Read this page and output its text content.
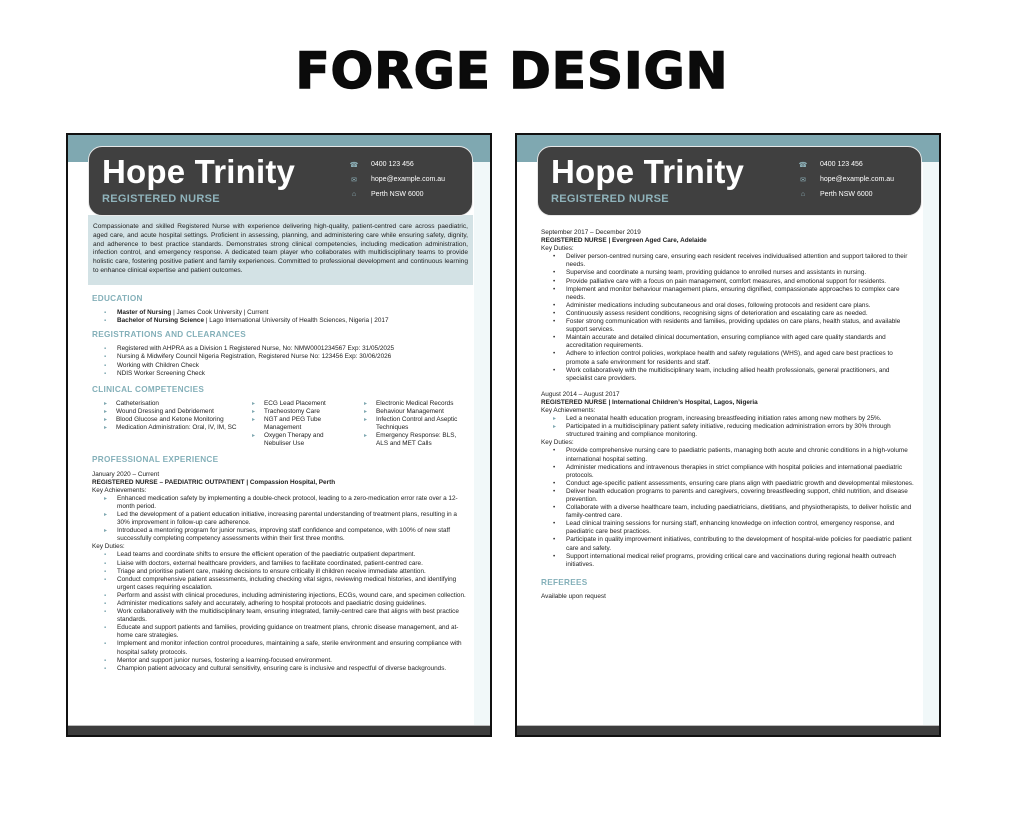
FORGE DESIGN
Hope Trinity
REGISTERED NURSE
☎	0400 123 456
✉	hope@example.com.au
⌂	Perth NSW 6000
Compassionate and skilled Registered Nurse with experience delivering high-quality, patient-centred care across paediatric, aged care, and acute hospital settings. Proficient in assessing, planning, and administering care while ensuring safety, dignity, and adherence to best practice standards. Demonstrates strong clinical competencies, including medication administration, infection control, and emergency response. A dedicated team player who collaborates with multidisciplinary teams to provide holistic care, fostering positive patient and family experiences. Committed to professional development and continuous learning to enhance clinical expertise and patient outcomes.
EDUCATION
▪ Master of Nursing | James Cook University | Current
▪ Bachelor of Nursing Science | Lago International University of Health Sciences, Nigeria | 2017
REGISTRATIONS AND CLEARANCES
▪ Registered with AHPRA as a Division 1 Registered Nurse, No: NMW0001234567 Exp: 31/05/2025
▪ Nursing & Midwifery Council Nigeria Registration, Registered Nurse No: 123456 Exp: 30/06/2026
▪ Working with Children Check
▪ NDIS Worker Screening Check
CLINICAL COMPETENCIES
▸ Catheterisation
▸ Wound Dressing and Debridement
▸ Blood Glucose and Ketone Monitoring
▸ Medication Administration: Oral, IV, IM, SC
▸ ECG Lead Placement
▸ Tracheostomy Care
▸ NGT and PEG Tube Management
▸ Oxygen Therapy and Nebuliser Use
▸ Electronic Medical Records
▸ Behaviour Management
▸ Infection Control and Aseptic Techniques
▸ Emergency Response: BLS, ALS and MET Calls
PROFESSIONAL EXPERIENCE
January 2020 – Current
REGISTERED NURSE – PAEDIATRIC OUTPATIENT | Compassion Hospital, Perth
Key Achievements:
▸ Enhanced medication safety by implementing a double-check protocol, leading to a zero-medication error rate over a 12-month period.
▸ Led the development of a patient education initiative, increasing parental understanding of treatment plans, resulting in a 30% improvement in follow-up care adherence.
▸ Introduced a mentoring program for junior nurses, improving staff confidence and competence, with 100% of new staff successfully completing competency assessments within their first three months.
Key Duties:
▪ Lead teams and coordinate shifts to ensure the efficient operation of the paediatric outpatient department.
▪ Liaise with doctors, external healthcare providers, and families to facilitate coordinated, patient-centred care.
▪ Triage and prioritise patient care, making decisions to ensure critically ill children receive immediate attention.
▪ Conduct comprehensive patient assessments, including checking vital signs, reviewing medical histories, and identifying urgent cases requiring escalation.
▪ Perform and assist with clinical procedures, including administering injections, ECGs, wound care, and specimen collection.
▪ Administer medications safely and accurately, adhering to hospital protocols and paediatric dosing guidelines.
▪ Work collaboratively with the multidisciplinary team, ensuring integrated, family-centred care that aligns with best practice standards.
▪ Educate and support patients and families, providing guidance on treatment plans, chronic disease management, and at-home care strategies.
▪ Implement and monitor infection control procedures, maintaining a safe, sterile environment and ensuring compliance with hospital safety protocols.
▪ Mentor and support junior nurses, fostering a learning-focused environment.
▪ Champion patient advocacy and cultural sensitivity, ensuring care is inclusive and respectful of diverse backgrounds.
Hope Trinity
REGISTERED NURSE
☎	0400 123 456
✉	hope@example.com.au
⌂	Perth NSW 6000
September 2017 – December 2019
REGISTERED NURSE | Evergreen Aged Care, Adelaide
Key Duties:
• Deliver person-centred nursing care, ensuring each resident receives individualised attention and support tailored to their needs.
• Supervise and coordinate a nursing team, providing guidance to enrolled nurses and assistants in nursing.
• Provide palliative care with a focus on pain management, comfort measures, and emotional support for residents.
• Implement and monitor behaviour management plans, ensuring dignified, compassionate approaches to complex care needs.
• Administer medications including subcutaneous and oral doses, following protocols and resident care plans.
• Continuously assess resident conditions, recognising signs of deterioration and escalating care as needed.
• Foster strong communication with residents and families, providing updates on care plans, health status, and available support services.
• Maintain accurate and detailed clinical documentation, ensuring compliance with aged care quality standards and accreditation requirements.
• Adhere to infection control policies, workplace health and safety regulations (WHS), and aged care best practices to promote a safe environment for residents and staff.
• Work collaboratively with the multidisciplinary team, including allied health professionals, general practitioners, and specialist care providers.
August 2014 – August 2017
REGISTERED NURSE | International Children’s Hospital, Lagos, Nigeria
Key Achievements:
▸ Led a neonatal health education program, increasing breastfeeding initiation rates among new mothers by 25%.
▸ Participated in a multidisciplinary patient safety initiative, reducing medication administration errors by 30% through structured training and compliance monitoring.
Key Duties:
• Provide comprehensive nursing care to paediatric patients, managing both acute and chronic conditions in a high-volume international hospital setting.
• Administer medications and intravenous therapies in strict compliance with hospital policies and international paediatric protocols.
• Conduct age-specific patient assessments, ensuring care plans align with paediatric growth and developmental milestones.
• Deliver health education programs to parents and caregivers, covering breastfeeding support, child nutrition, and disease prevention.
• Collaborate with a diverse healthcare team, including paediatricians, dietitians, and physiotherapists, to deliver holistic and family-centred care.
• Lead clinical training sessions for nursing staff, enhancing knowledge on infection control, emergency response, and paediatric care best practices.
• Participate in quality improvement initiatives, contributing to the development of hospital-wide policies for paediatric patient care and safety.
• Support international medical relief programs, providing critical care and vaccinations during regional health outreach initiatives.
REFEREES
Available upon request
